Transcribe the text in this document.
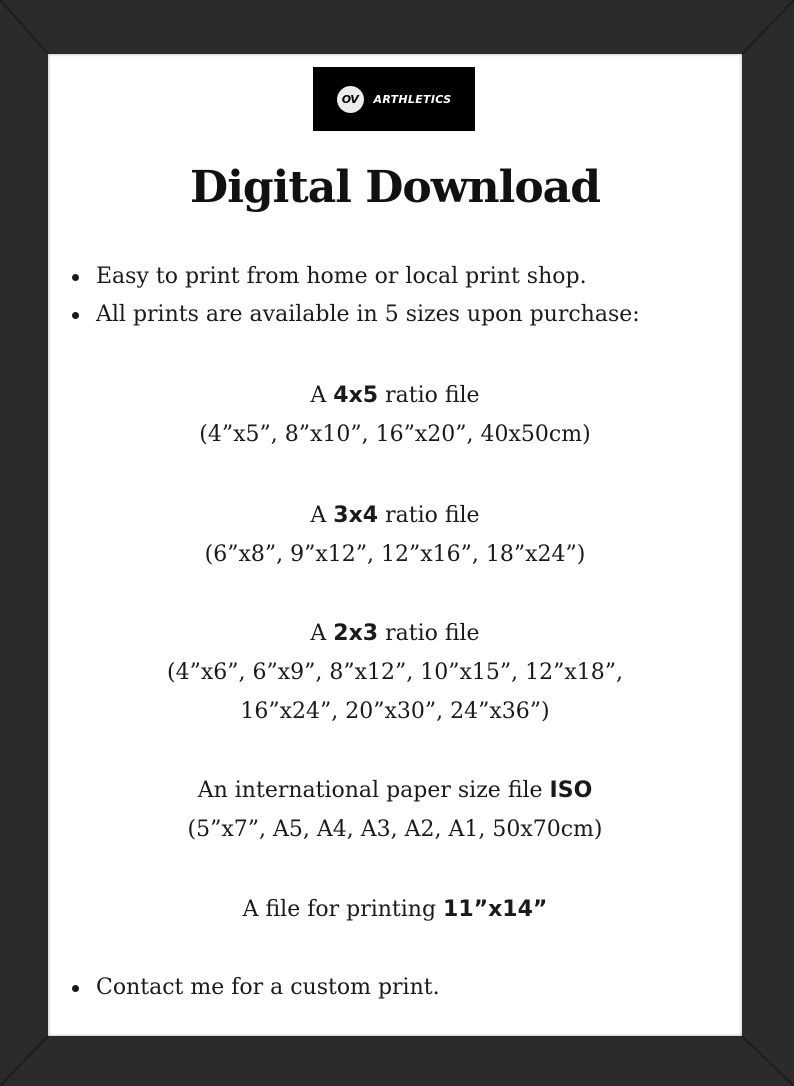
OV	ARTHLETICS
Digital Download
Easy to print from home or local print shop.
All prints are available in 5 sizes upon purchase:
A 4x5 ratio file
(4”x5”, 8”x10”, 16”x20”, 40x50cm)
A 3x4 ratio file
(6”x8”, 9”x12”, 12”x16”, 18”x24”)
A 2x3 ratio file
(4”x6”, 6”x9”, 8”x12”, 10”x15”, 12”x18”,
16”x24”, 20”x30”, 24”x36”)
An international paper size file ISO
(5”x7”, A5, A4, A3, A2, A1, 50x70cm)
A file for printing 11”x14”
Contact me for a custom print.
